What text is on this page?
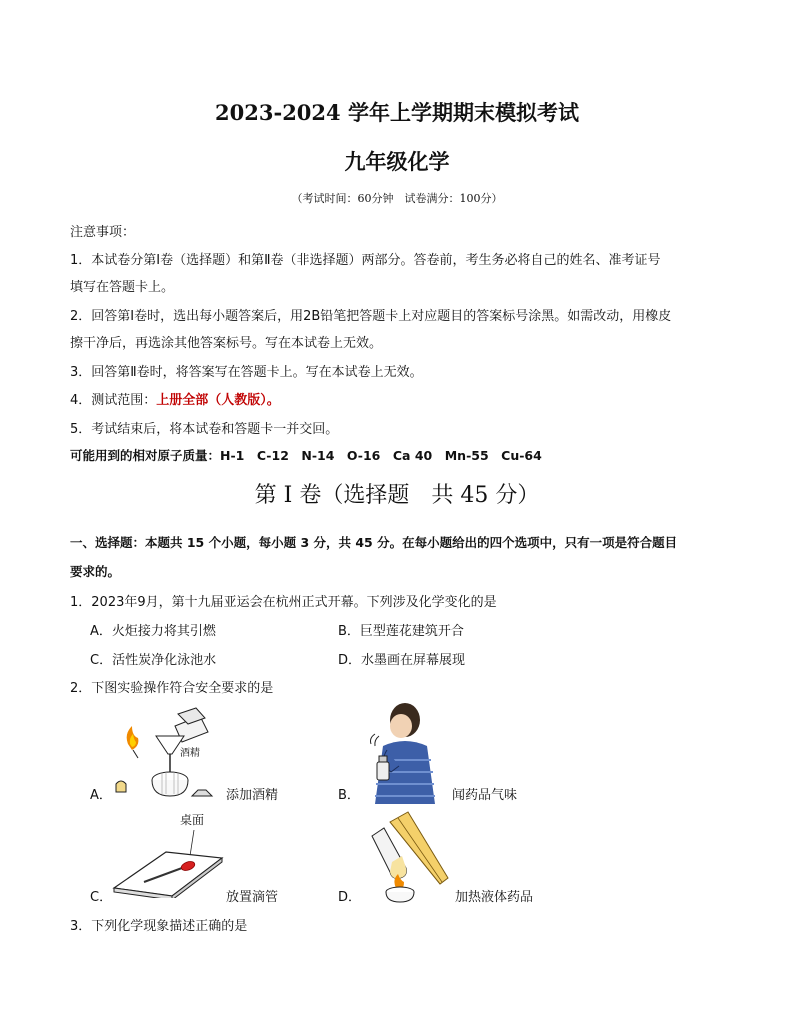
2023-2024 学年上学期期末模拟考试
九年级化学
（考试时间：60分钟　试卷满分：100分）
注意事项：
1．本试卷分第Ⅰ卷（选择题）和第Ⅱ卷（非选择题）两部分。答卷前，考生务必将自己的姓名、准考证号
填写在答题卡上。
2．回答第Ⅰ卷时，选出每小题答案后，用2B铅笔把答题卡上对应题目的答案标号涂黑。如需改动，用橡皮
擦干净后，再选涂其他答案标号。写在本试卷上无效。
3．回答第Ⅱ卷时，将答案写在答题卡上。写在本试卷上无效。
4．测试范围：上册全部（人教版）。
5．考试结束后，将本试卷和答题卡一并交回。
可能用到的相对原子质量：H-1　C-12　N-14　O-16　Ca 40　Mn-55　Cu-64
第 I 卷（选择题　共 45 分）
一、选择题：本题共 15 个小题，每小题 3 分，共 45 分。在每小题给出的四个选项中，只有一项是符合题目
要求的。
1．2023年9月，第十九届亚运会在杭州正式开幕。下列涉及化学变化的是
A．火炬接力将其引燃	B．巨型莲花建筑开合
C．活性炭净化泳池水	D．水墨画在屏幕展现
2．下图实验操作符合安全要求的是
酒精
A．	添加酒精	B．	闻药品气味
桌面
C．	放置滴管	D．	加热液体药品
3．下列化学现象描述正确的是
